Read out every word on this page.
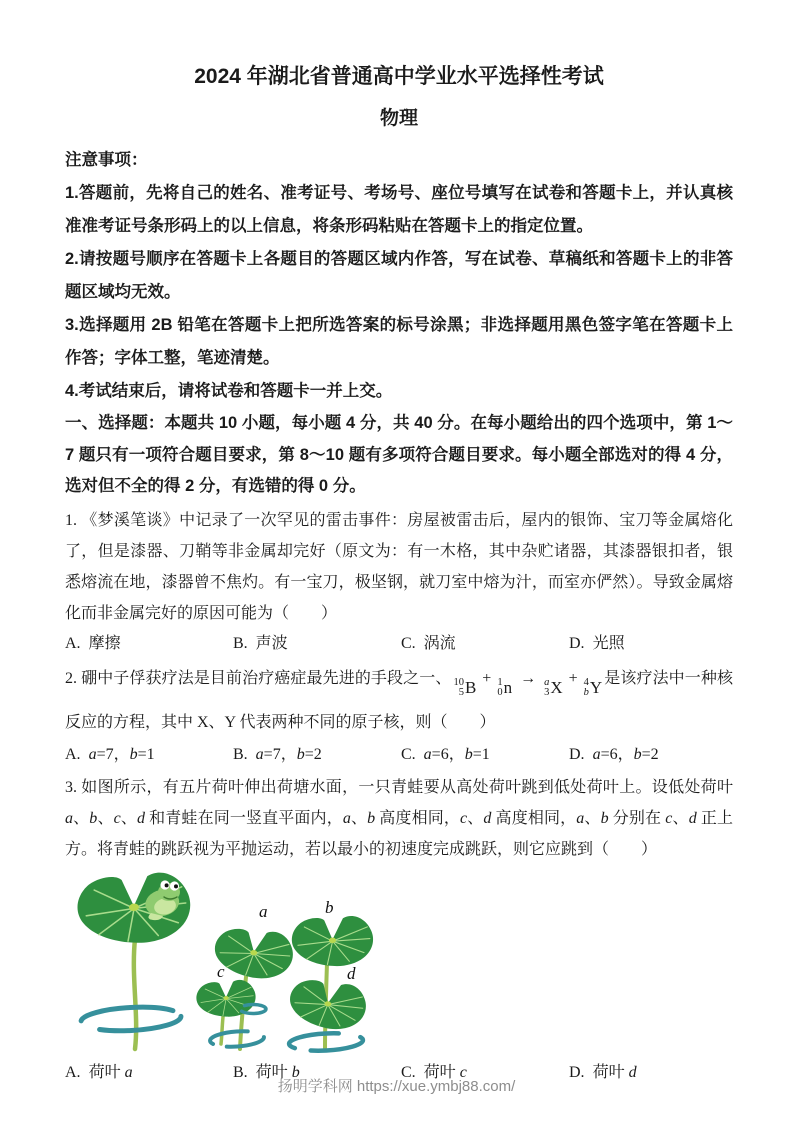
2024 年湖北省普通高中学业水平选择性考试
物理

注意事项：

1.答题前，先将自己的姓名、准考证号、考场号、座位号填写在试卷和答题卡上，并认真核准准考证号条形码上的以上信息，将条形码粘贴在答题卡上的指定位置。

2.请按题号顺序在答题卡上各题目的答题区域内作答，写在试卷、草稿纸和答题卡上的非答题区域均无效。

3.选择题用 2B 铅笔在答题卡上把所选答案的标号涂黑；非选择题用黑色签字笔在答题卡上作答；字体工整，笔迹清楚。

4.考试结束后，请将试卷和答题卡一并上交。

一、选择题：本题共 10 小题，每小题 4 分，共 40 分。在每小题给出的四个选项中，第 1～7 题只有一项符合题目要求，第 8～10 题有多项符合题目要求。每小题全部选对的得 4 分，选对但不全的得 2 分，有选错的得 0 分。

1. 《梦溪笔谈》中记录了一次罕见的雷击事件：房屋被雷击后，屋内的银饰、宝刀等金属熔化了，但是漆器、刀鞘等非金属却完好（原文为：有一木格，其中杂贮诸器，其漆器银扣者，银悉熔流在地，漆器曾不焦灼。有一宝刀，极坚钢，就刀室中熔为汁，而室亦俨然）。导致金属熔化而非金属完好的原因可能为（　　）

A. 摩擦	B. 声波	C. 涡流	D. 光照

2. 硼中子俘获疗法是目前治疗癌症最先进的手段之一、 10
5 B + 1
0 n → a
3 X + 4
b Y 是该疗法中一种核反应的方程，其中 X、Y 代表两种不同的原子核，则（　　）

A. a=7，b=1	B. a=7，b=2	C. a=6，b=1	D. a=6，b=2

3. 如图所示，有五片荷叶伸出荷塘水面，一只青蛙要从高处荷叶跳到低处荷叶上。设低处荷叶 a、b、c、d 和青蛙在同一竖直平面内，a、b 高度相同，c、d 高度相同，a、b 分别在 c、d 正上方。将青蛙的跳跃视为平抛运动，若以最小的初速度完成跳跃，则它应跳到（　　）

a	b
c	d
A. 荷叶 a	B. 荷叶 b	C. 荷叶 c	D. 荷叶 d
扬明学科网 https://xue.ymbj88.com/
